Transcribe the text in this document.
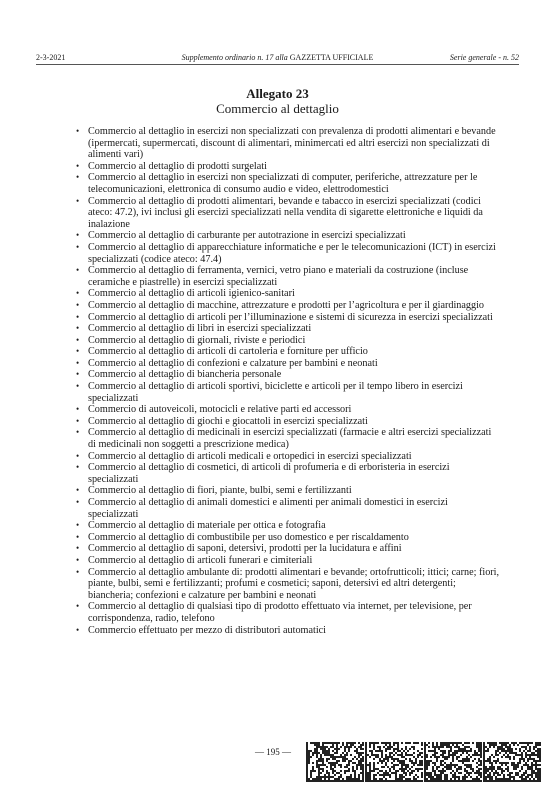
2-3-2021	Supplemento ordinario n. 17 alla GAZZETTA UFFICIALE	Serie generale - n. 52
Allegato 23
Commercio al dettaglio
• Commercio al dettaglio in esercizi non specializzati con prevalenza di prodotti alimentari e bevande (ipermercati, supermercati, discount di alimentari, minimercati ed altri esercizi non specializzati di alimenti vari)
• Commercio al dettaglio di prodotti surgelati
• Commercio al dettaglio in esercizi non specializzati di computer, periferiche, attrezzature per le telecomunicazioni, elettronica di consumo audio e video, elettrodomestici
• Commercio al dettaglio di prodotti alimentari, bevande e tabacco in esercizi specializzati (codici ateco: 47.2), ivi inclusi gli esercizi specializzati nella vendita di sigarette elettroniche e liquidi da inalazione
• Commercio al dettaglio di carburante per autotrazione in esercizi specializzati
• Commercio al dettaglio di apparecchiature informatiche e per le telecomunicazioni (ICT) in esercizi specializzati (codice ateco: 47.4)
• Commercio al dettaglio di ferramenta, vernici, vetro piano e materiali da costruzione (incluse ceramiche e piastrelle) in esercizi specializzati
• Commercio al dettaglio di articoli igienico-sanitari
• Commercio al dettaglio di macchine, attrezzature e prodotti per l’agricoltura e per il giardinaggio
• Commercio al dettaglio di articoli per l’illuminazione e sistemi di sicurezza in esercizi specializzati
• Commercio al dettaglio di libri in esercizi specializzati
• Commercio al dettaglio di giornali, riviste e periodici
• Commercio al dettaglio di articoli di cartoleria e forniture per ufficio
• Commercio al dettaglio di confezioni e calzature per bambini e neonati
• Commercio al dettaglio di biancheria personale
• Commercio al dettaglio di articoli sportivi, biciclette e articoli per il tempo libero in esercizi specializzati
• Commercio di autoveicoli, motocicli e relative parti ed accessori
• Commercio al dettaglio di giochi e giocattoli in esercizi specializzati
• Commercio al dettaglio di medicinali in esercizi specializzati (farmacie e altri esercizi specializzati di medicinali non soggetti a prescrizione medica)
• Commercio al dettaglio di articoli medicali e ortopedici in esercizi specializzati
• Commercio al dettaglio di cosmetici, di articoli di profumeria e di erboristeria in esercizi specializzati
• Commercio al dettaglio di fiori, piante, bulbi, semi e fertilizzanti
• Commercio al dettaglio di animali domestici e alimenti per animali domestici in esercizi specializzati
• Commercio al dettaglio di materiale per ottica e fotografia
• Commercio al dettaglio di combustibile per uso domestico e per riscaldamento
• Commercio al dettaglio di saponi, detersivi, prodotti per la lucidatura e affini
• Commercio al dettaglio di articoli funerari e cimiteriali
• Commercio al dettaglio ambulante di: prodotti alimentari e bevande; ortofrutticoli; ittici; carne; fiori, piante, bulbi, semi e fertilizzanti; profumi e cosmetici; saponi, detersivi ed altri detergenti; biancheria; confezioni e calzature per bambini e neonati
• Commercio al dettaglio di qualsiasi tipo di prodotto effettuato via internet, per televisione, per corrispondenza, radio, telefono
• Commercio effettuato per mezzo di distributori automatici
— 195 —
